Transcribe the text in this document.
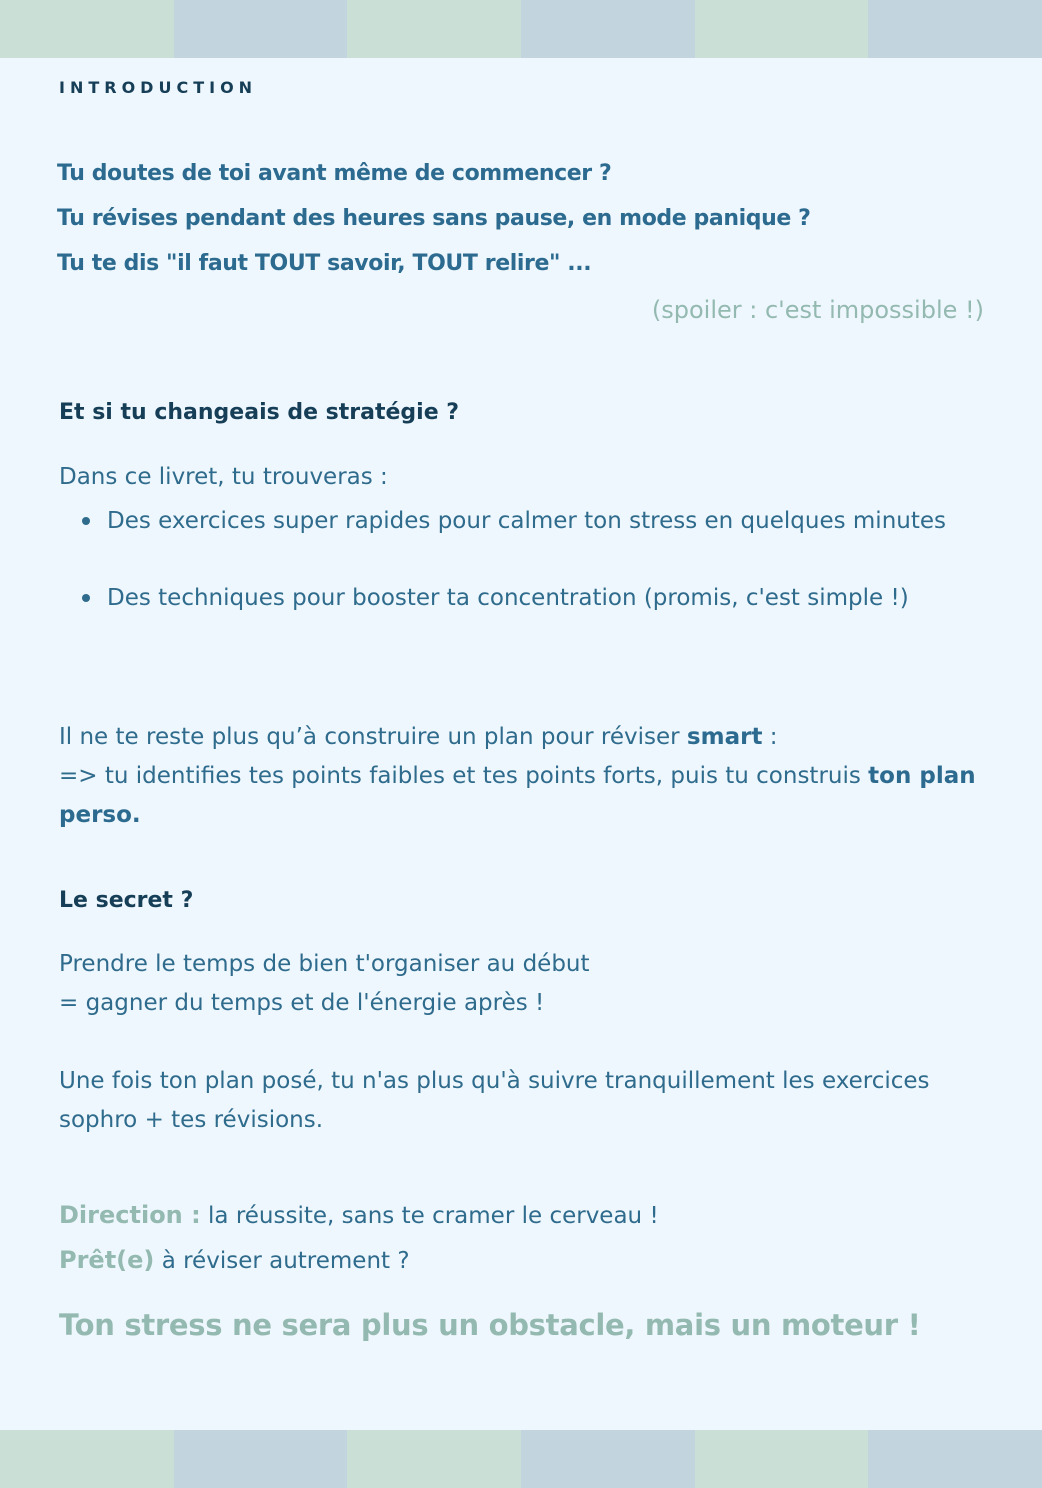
INTRODUCTION
Tu doutes de toi avant même de commencer ?
Tu révises pendant des heures sans pause, en mode panique ?
Tu te dis "il faut TOUT savoir, TOUT relire" ...
(spoiler : c'est impossible !)
Et si tu changeais de stratégie ?
Dans ce livret, tu trouveras :
Des exercices super rapides pour calmer ton stress en quelques minutes
Des techniques pour booster ta concentration (promis, c'est simple !)
Il ne te reste plus qu’à construire un plan pour réviser smart :
=> tu identifies tes points faibles et tes points forts, puis tu construis ton plan perso.
Le secret ?
Prendre le temps de bien t'organiser au début
= gagner du temps et de l'énergie après !
Une fois ton plan posé, tu n'as plus qu'à suivre tranquillement les exercices sophro + tes révisions.
Direction : la réussite, sans te cramer le cerveau !
Prêt(e) à réviser autrement ?
Ton stress ne sera plus un obstacle, mais un moteur !
